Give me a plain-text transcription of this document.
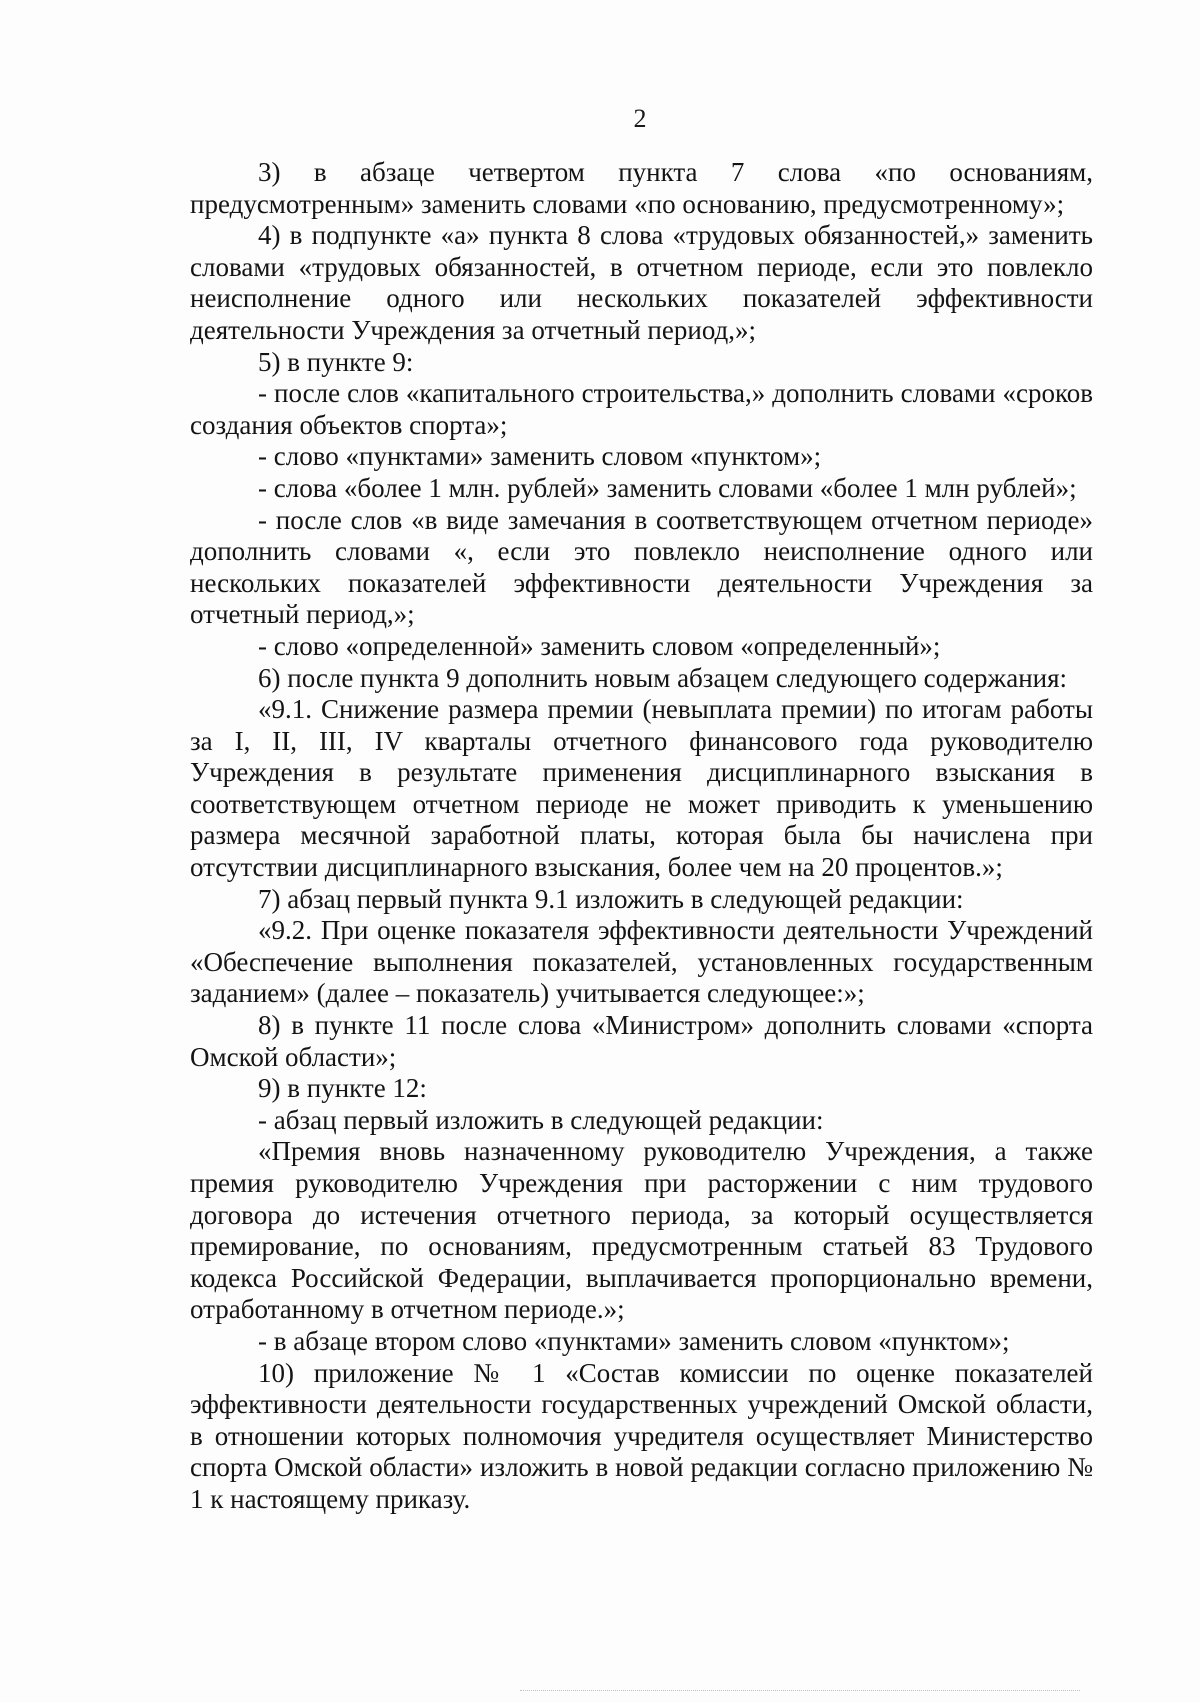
2

3) в абзаце четвертом пункта 7 слова «по основаниям, предусмотренным» заменить словами «по основанию, предусмотренному»;

4) в подпункте «а» пункта 8 слова «трудовых обязанностей,» заменить словами «трудовых обязанностей, в отчетном периоде, если это повлекло неисполнение одного или нескольких показателей эффективности деятельности Учреждения за отчетный период,»;

5) в пункте 9:

- после слов «капитального строительства,» дополнить словами «сроков создания объектов спорта»;

- слово «пунктами» заменить словом «пунктом»;

- слова «более 1 млн. рублей» заменить словами «более 1 млн рублей»;

- после слов «в виде замечания в соответствующем отчетном периоде» дополнить словами «, если это повлекло неисполнение одного или нескольких показателей эффективности деятельности Учреждения за отчетный период,»;

- слово «определенной» заменить словом «определенный»;

6) после пункта 9 дополнить новым абзацем следующего содержания:

«9.1. Снижение размера премии (невыплата премии) по итогам работы за I, II, III, IV кварталы отчетного финансового года руководителю Учреждения в результате применения дисциплинарного взыскания в соответствующем отчетном периоде не может приводить к уменьшению размера месячной заработной платы, которая была бы начислена при отсутствии дисциплинарного взыскания, более чем на 20 процентов.»;

7) абзац первый пункта 9.1 изложить в следующей редакции:

«9.2. При оценке показателя эффективности деятельности Учреждений «Обеспечение выполнения показателей, установленных государственным заданием» (далее – показатель) учитывается следующее:»;

8) в пункте 11 после слова «Министром» дополнить словами «спорта Омской области»;

9) в пункте 12:

- абзац первый изложить в следующей редакции:

«Премия вновь назначенному руководителю Учреждения, а также премия руководителю Учреждения при расторжении с ним трудового договора до истечения отчетного периода, за который осуществляется премирование, по основаниям, предусмотренным статьей 83 Трудового кодекса Российской Федерации, выплачивается пропорционально времени, отработанному в отчетном периоде.»;

- в абзаце втором слово «пунктами» заменить словом «пунктом»;

10) приложение № 1 «Состав комиссии по оценке показателей эффективности деятельности государственных учреждений Омской области, в отношении которых полномочия учредителя осуществляет Министерство спорта Омской области» изложить в новой редакции согласно приложению № 1 к настоящему приказу.
